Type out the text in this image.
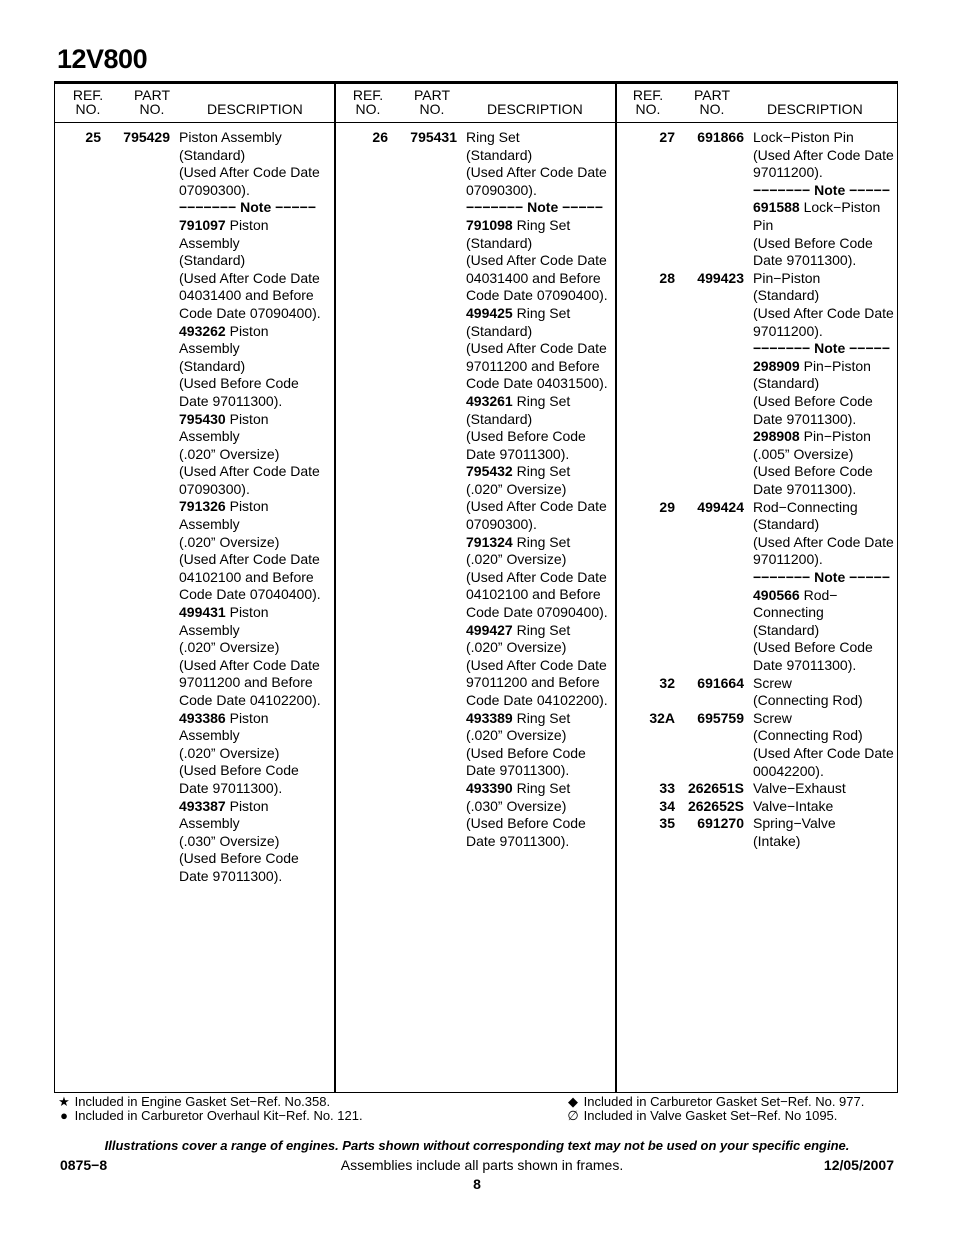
12V800
REF.
NO.
PART
NO.	DESCRIPTION
REF.
NO.
PART
NO.	DESCRIPTION
REF.
NO.
PART
NO.	DESCRIPTION
25	795429 Piston Assembly
(Standard)
(Used After Code Date
07090300).
−−−−−−− Note −−−−−
791097 Piston
Assembly
(Standard)
(Used After Code Date
04031400 and Before
Code Date 07090400).
493262 Piston
Assembly
(Standard)
(Used Before Code
Date 97011300).
795430 Piston
Assembly
(.020” Oversize)
(Used After Code Date
07090300).
791326 Piston
Assembly
(.020” Oversize)
(Used After Code Date
04102100 and Before
Code Date 07040400).
499431 Piston
Assembly
(.020” Oversize)
(Used After Code Date
97011200 and Before
Code Date 04102200).
493386 Piston
Assembly
(.020” Oversize)
(Used Before Code
Date 97011300).
493387 Piston
Assembly
(.030” Oversize)
(Used Before Code
Date 97011300).
26	795431 Ring Set
(Standard)
(Used After Code Date
07090300).
−−−−−−− Note −−−−−
791098 Ring Set
(Standard)
(Used After Code Date
04031400 and Before
Code Date 07090400).
499425 Ring Set
(Standard)
(Used After Code Date
97011200 and Before
Code Date 04031500).
493261 Ring Set
(Standard)
(Used Before Code
Date 97011300).
795432 Ring Set
(.020” Oversize)
(Used After Code Date
07090300).
791324 Ring Set
(.020” Oversize)
(Used After Code Date
04102100 and Before
Code Date 07090400).
499427 Ring Set
(.020” Oversize)
(Used After Code Date
97011200 and Before
Code Date 04102200).
493389 Ring Set
(.020” Oversize)
(Used Before Code
Date 97011300).
493390 Ring Set
(.030” Oversize)
(Used Before Code
Date 97011300).
27	691866 Lock−Piston Pin
(Used After Code Date
97011200).
−−−−−−− Note −−−−−
691588 Lock−Piston
Pin
(Used Before Code
Date 97011300).
28	499423 Pin−Piston
(Standard)
(Used After Code Date
97011200).
−−−−−−− Note −−−−−
298909 Pin−Piston
(Standard)
(Used Before Code
Date 97011300).
298908 Pin−Piston
(.005” Oversize)
(Used Before Code
Date 97011300).
29	499424 Rod−Connecting
(Standard)
(Used After Code Date
97011200).
−−−−−−− Note −−−−−
490566 Rod−
Connecting
(Standard)
(Used Before Code
Date 97011300).
32	691664 Screw
(Connecting Rod)
32A	695759 Screw
(Connecting Rod)
(Used After Code Date
00042200).
33 262651S Valve−Exhaust
34 262652S Valve−Intake
35	691270 Spring−Valve
(Intake)
★ Included in Engine Gasket Set−Ref. No.358.
● Included in Carburetor Overhaul Kit−Ref. No. 121.
◆ Included in Carburetor Gasket Set−Ref. No. 977.
∅ Included in Valve Gasket Set−Ref. No 1095.
Illustrations cover a range of engines. Parts shown without corresponding text may not be used on your specific engine.
0875−8	Assemblies include all parts shown in frames.	12/05/2007
8
